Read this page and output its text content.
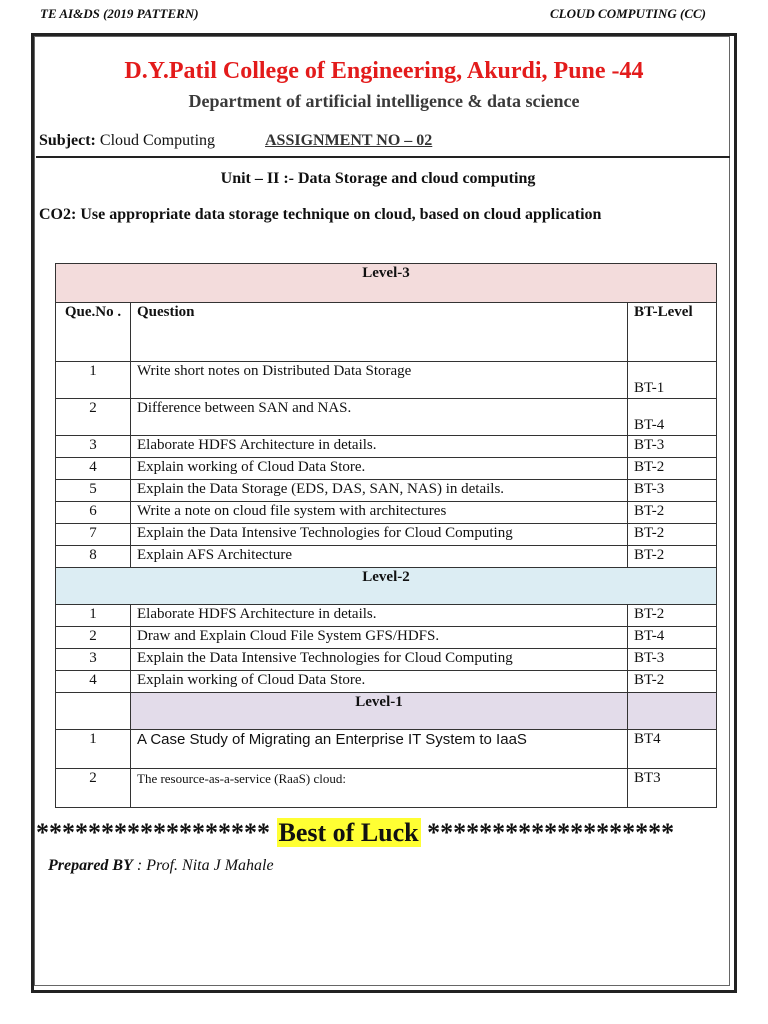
TE AI&DS (2019 PATTERN)	CLOUD COMPUTING (CC)
D.Y.Patil College of Engineering, Akurdi, Pune -44
Department of artificial intelligence & data science
Subject: Cloud Computing	ASSIGNMENT NO – 02
Unit – II :- Data Storage and cloud computing
CO2: Use appropriate data storage technique on cloud, based on cloud application
Level-3		
Que.No .	Question	BT-Level
1	Write short notes on Distributed Data Storage	BT-1
2	Difference between SAN and NAS.	BT-4
3	Elaborate HDFS Architecture in details.	BT-3
4	Explain working of Cloud Data Store.	BT-2
5	Explain the Data Storage (EDS, DAS, SAN, NAS) in details.	BT-3
6	Write a note on cloud file system with architectures	BT-2
7	Explain the Data Intensive Technologies for Cloud Computing	BT-2
8	Explain AFS Architecture	BT-2
Level-2		
1	Elaborate HDFS Architecture in details.	BT-2
2	Draw and Explain Cloud File System GFS/HDFS.	BT-4
3	Explain the Data Intensive Technologies for Cloud Computing	BT-3
4	Explain working of Cloud Data Store.	BT-2
	Level-1	
1	A Case Study of Migrating an Enterprise IT System to IaaS	BT4
2	The resource-as-a-service (RaaS) cloud:	BT3
****************** Best of Luck *******************
Prepared BY : Prof. Nita J Mahale
